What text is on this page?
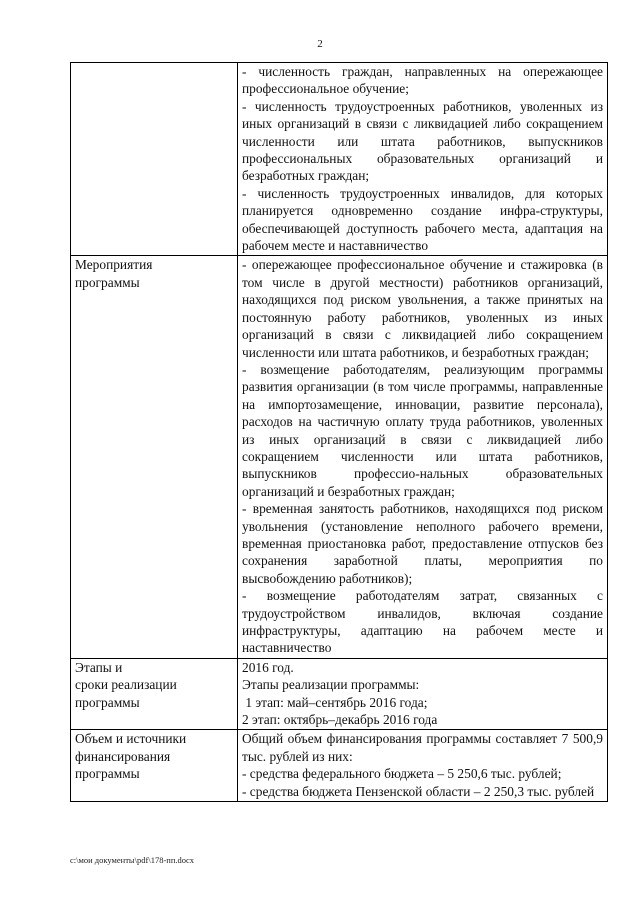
2

	- численность граждан, направленных на опережающее профессиональное обучение;
- численность трудоустроенных работников, уволенных из иных организаций в связи с ликвидацией либо сокращением численности или штата работников, выпускников профессиональных образовательных организаций и безработных граждан;
- численность трудоустроенных инвалидов, для которых планируется одновременно создание инфра-структуры, обеспечивающей доступность рабочего места, адаптация на рабочем месте и наставничество

Мероприятия
программы	- опережающее профессиональное обучение и стажировка (в том числе в другой местности) работников организаций, находящихся под риском увольнения, а также принятых на постоянную работу работников, уволенных из иных организаций в связи с ликвидацией либо сокращением численности или штата работников, и безработных граждан;
- возмещение работодателям, реализующим программы развития организации (в том числе программы, направленные на импортозамещение, инновации, развитие персонала), расходов на частичную оплату труда работников, уволенных из иных организаций в связи с ликвидацией либо сокращением численности или штата работников, выпускников профессио-нальных образовательных организаций и безработных граждан;
- временная занятость работников, находящихся под риском увольнения (установление неполного рабочего времени, временная приостановка работ, предоставление отпусков без сохранения заработной платы, мероприятия по высвобождению работников);
- возмещение работодателям затрат, связанных с трудоустройством инвалидов, включая создание инфраструктуры, адаптацию на рабочем месте и наставничество

Этапы и
сроки реализации
программы	2016 год.
Этапы реализации программы:
1 этап: май–сентябрь 2016 года;
2 этап: октябрь–декабрь 2016 года

Объем и источники
финансирования
программы	Общий объем финансирования программы составляет 7 500,9 тыс. рублей из них:
- средства федерального бюджета – 5 250,6 тыс. рублей;
- средства бюджета Пензенской области – 2 250,3 тыс. рублей
c:\мои документы\pdf\178-пп.docx
